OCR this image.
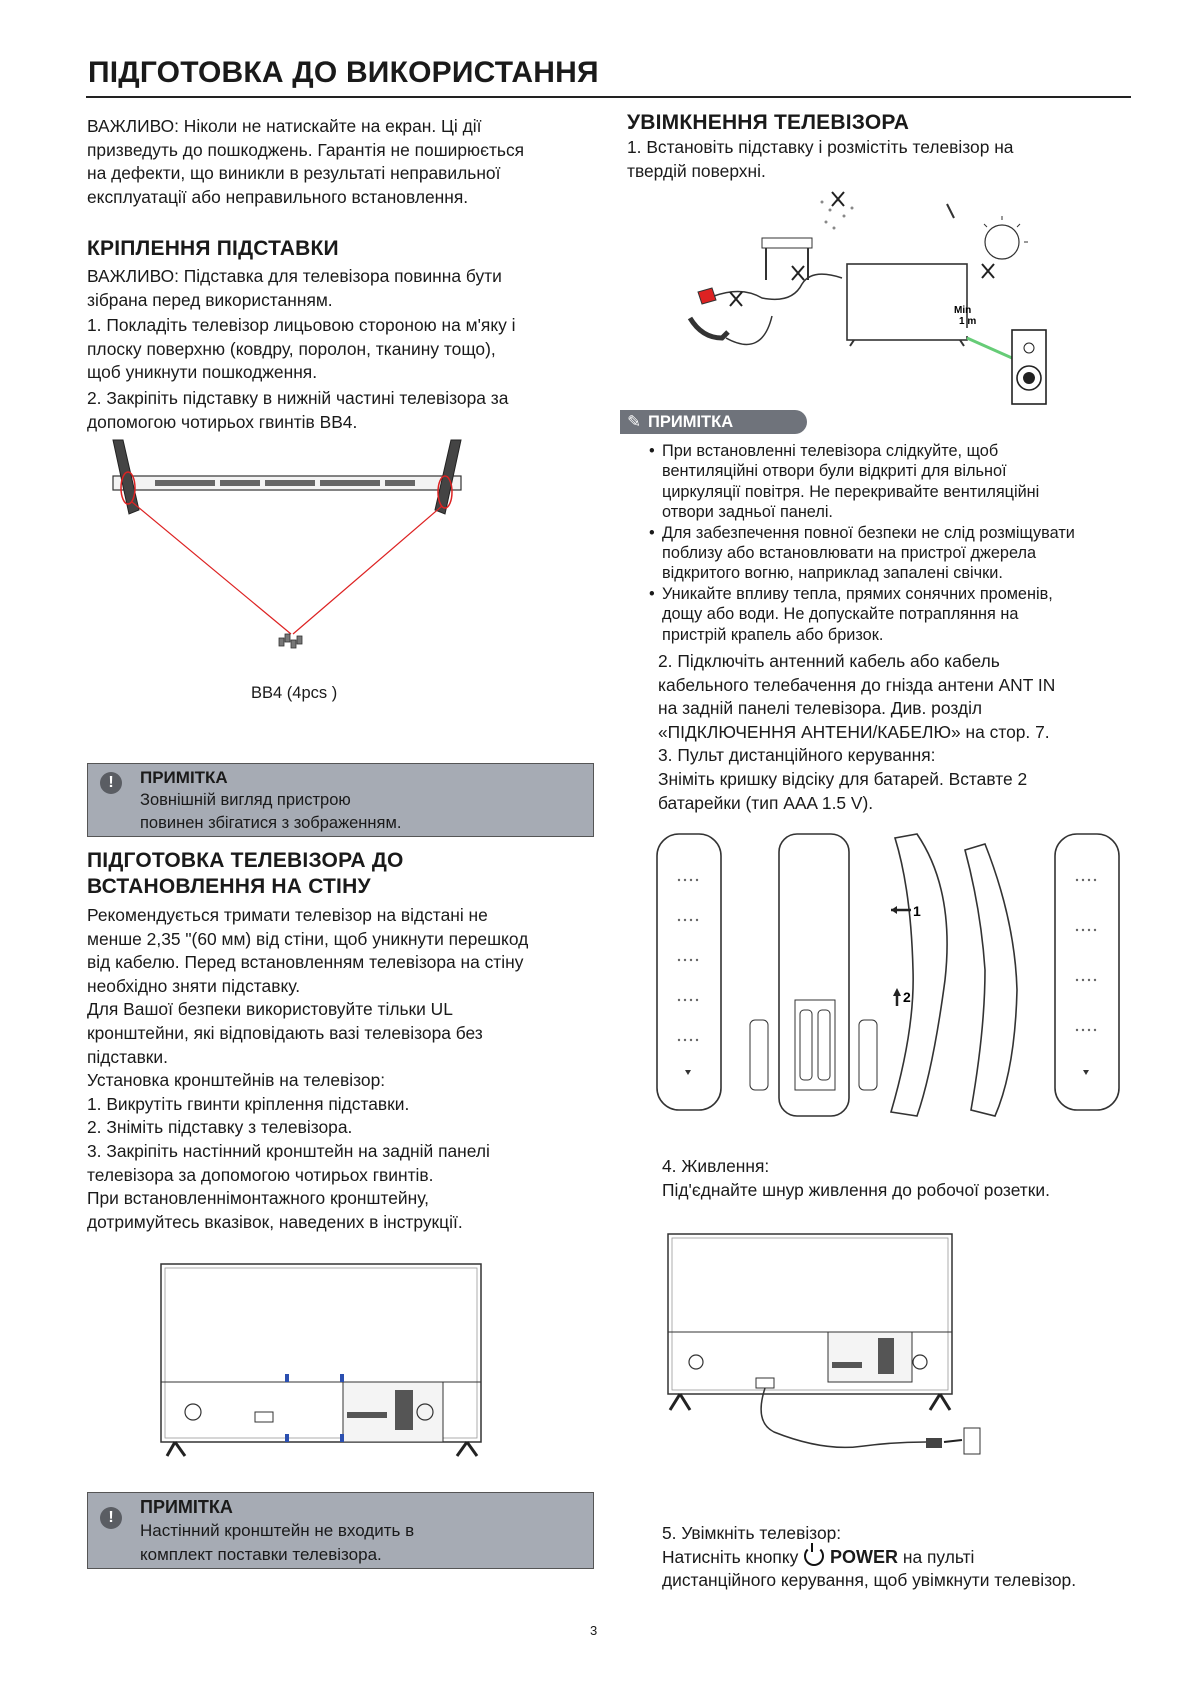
ПІДГОТОВКА ДО ВИКОРИСТАННЯ
ВАЖЛИВО: Ніколи не натискайте на екран. Ці дії
призведуть до пошкоджень. Гарантія не поширюється
на дефекти, що виникли в результаті неправильної
експлуатації або неправильного встановлення.
КРІПЛЕННЯ ПІДСТАВКИ
ВАЖЛИВО: Підставка для телевізора повинна бути
зібрана перед використанням.
1. Покладіть телевізор лицьовою стороною на м'яку і
плоску поверхню (ковдру, поролон, тканину тощо),
щоб уникнути пошкодження.
2. Закріпіть підставку в нижній частині телевізора за
допомогою чотирьох гвинтів BB4.
BB4 (4pcs )
!	ПРИМІТКА
Зовнішній вигляд пристрою
повинен збігатися з зображенням.
ПІДГОТОВКА ТЕЛЕВІЗОРА ДО
ВСТАНОВЛЕННЯ НА СТІНУ
Рекомендується тримати телевізор на відстані не
менше 2,35 "(60 мм) від стіни, щоб уникнути перешкод
від кабелю. Перед встановленням телевізора на стіну
необхідно зняти підставку.
Для Вашої безпеки використовуйте тільки UL
кронштейни, які відповідають вазі телевізора без
підставки.
Установка кронштейнів на телевізор:
1. Викрутіть гвинти кріплення підставки.
2. Зніміть підставку з телевізора.
3. Закріпіть настінний кронштейн на задній панелі
телевізора за допомогою чотирьох гвинтів.
При встановленнімонтажного кронштейну,
дотримуйтесь вказівок, наведених в інструкції.
!
ПРИМІТКА
Настінний кронштейн не входить в
комплект поставки телевізора.
УВІМКНЕННЯ ТЕЛЕВІЗОРА
1. Встановіть підставку і розмістіть телевізор на
твердій поверхні.
Min
1 m
✎ ПРИМІТКА
• При встановленні телевізора слідкуйте, щоб
вентиляційні отвори були відкриті для вільної
циркуляції повітря. Не перекривайте вентиляційні
отвори задньої панелі.
• Для забезпечення повної безпеки не слід розміщувати
поблизу або встановлювати на пристрої джерела
відкритого вогню, наприклад запалені свічки.
• Уникайте впливу тепла, прямих сонячних променів,
дощу або води. Не допускайте потрапляння на
пристрій крапель або бризок.
2. Підключіть антенний кабель або кабель
кабельного телебачення до гнізда антени ANT IN
на задній панелі телевізора. Див. розділ
«ПІДКЛЮЧЕННЯ АНТЕНИ/КАБЕЛЮ» на стор. 7.
3. Пульт дистанційного керування:
Зніміть кришку відсіку для батарей. Вставте 2
батарейки (тип AAA 1.5 V).
1
2
4. Живлення:
Під'єднайте шнур живлення до робочої розетки.
5. Увімкніть телевізор:
Натисніть кнопку POWER на пульті
дистанційного керування, щоб увімкнути телевізор.
3
